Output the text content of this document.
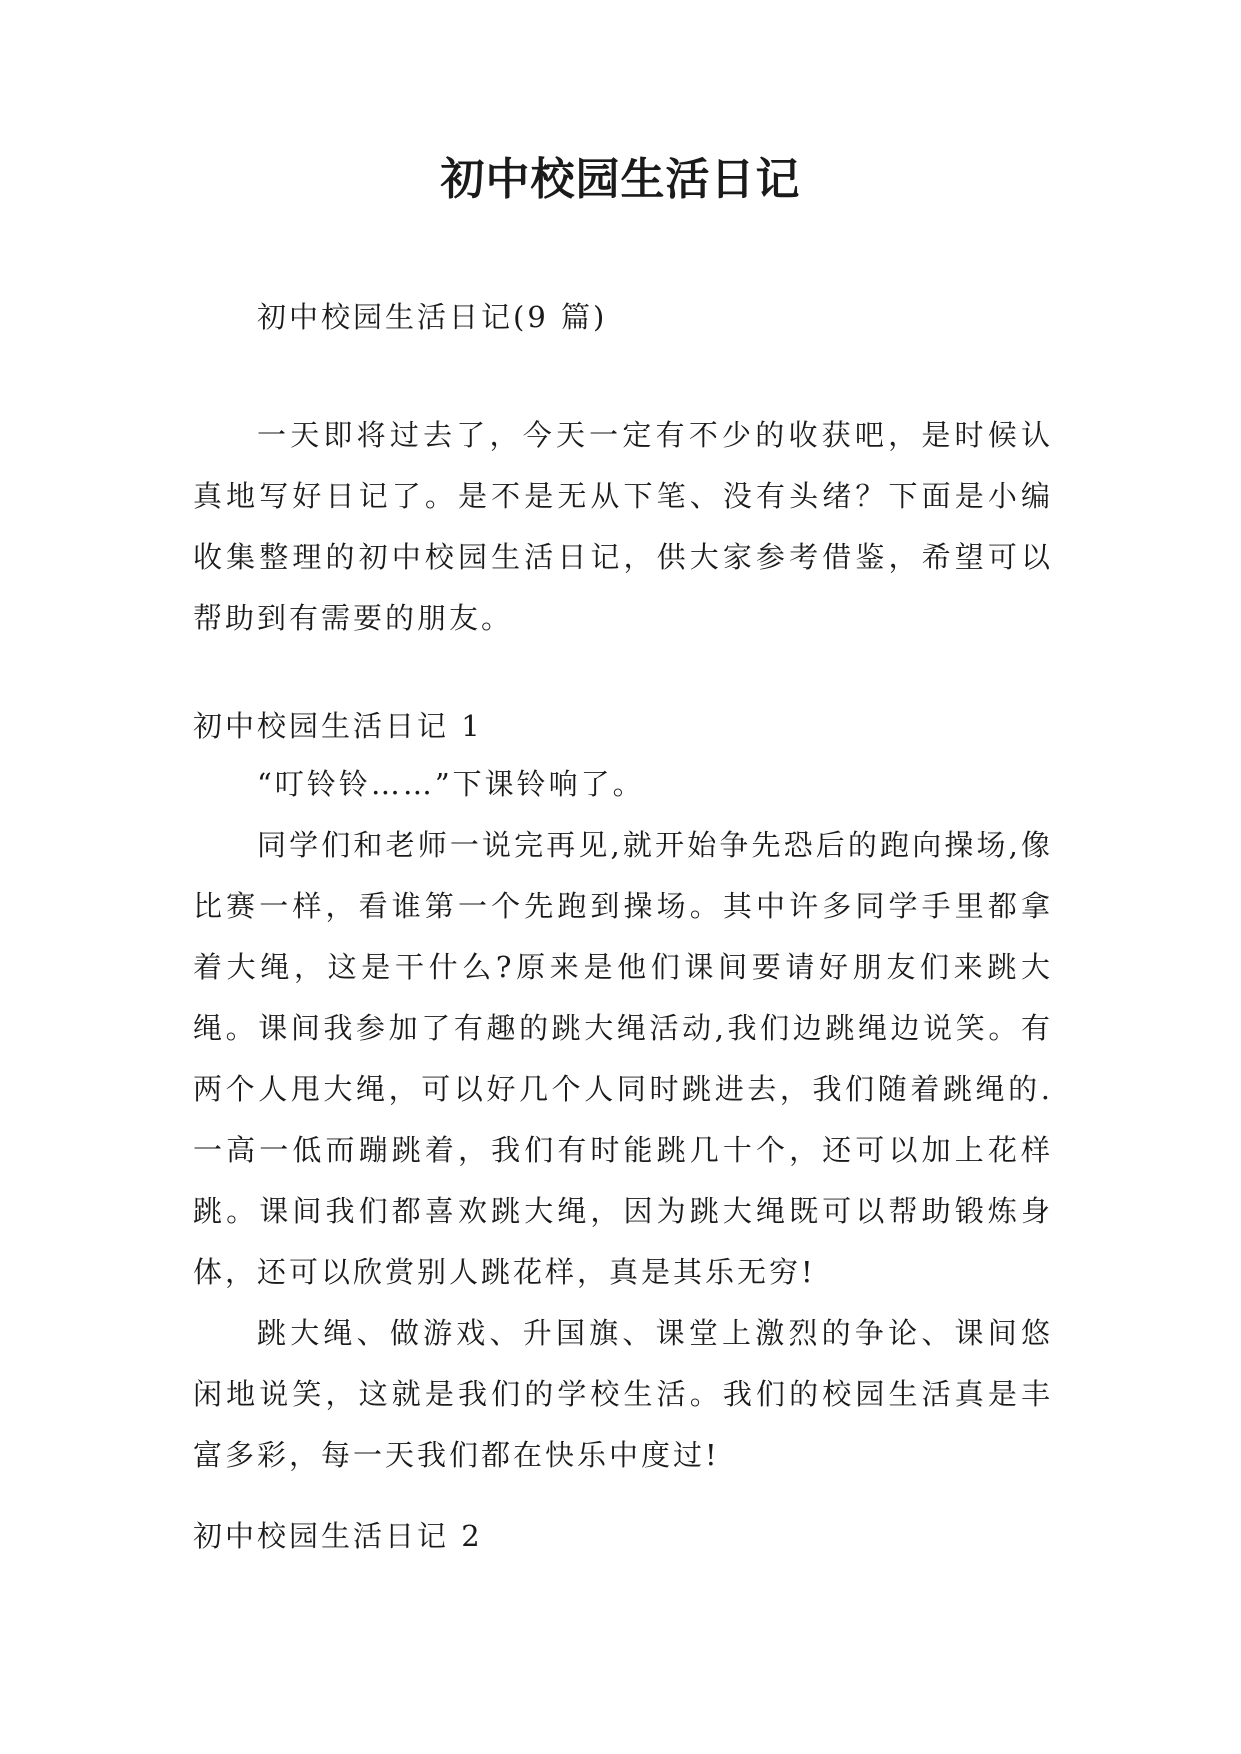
初中校园生活日记

初中校园生活日记(9 篇)

一天即将过去了，今天一定有不少的收获吧，是时候认真地写好日记了。是不是无从下笔、没有头绪？下面是小编收集整理的初中校园生活日记，供大家参考借鉴，希望可以帮助到有需要的朋友。

初中校园生活日记 1

“叮铃铃……”下课铃响了。

同学们和老师一说完再见,就开始争先恐后的跑向操场,像比赛一样，看谁第一个先跑到操场。其中许多同学手里都拿着大绳，这是干什么?原来是他们课间要请好朋友们来跳大绳。课间我参加了有趣的跳大绳活动,我们边跳绳边说笑。有两个人甩大绳，可以好几个人同时跳进去，我们随着跳绳的.一高一低而蹦跳着，我们有时能跳几十个，还可以加上花样跳。课间我们都喜欢跳大绳，因为跳大绳既可以帮助锻炼身体，还可以欣赏别人跳花样，真是其乐无穷!

跳大绳、做游戏、升国旗、课堂上激烈的争论、课间悠闲地说笑，这就是我们的学校生活。我们的校园生活真是丰富多彩，每一天我们都在快乐中度过!

初中校园生活日记 2
